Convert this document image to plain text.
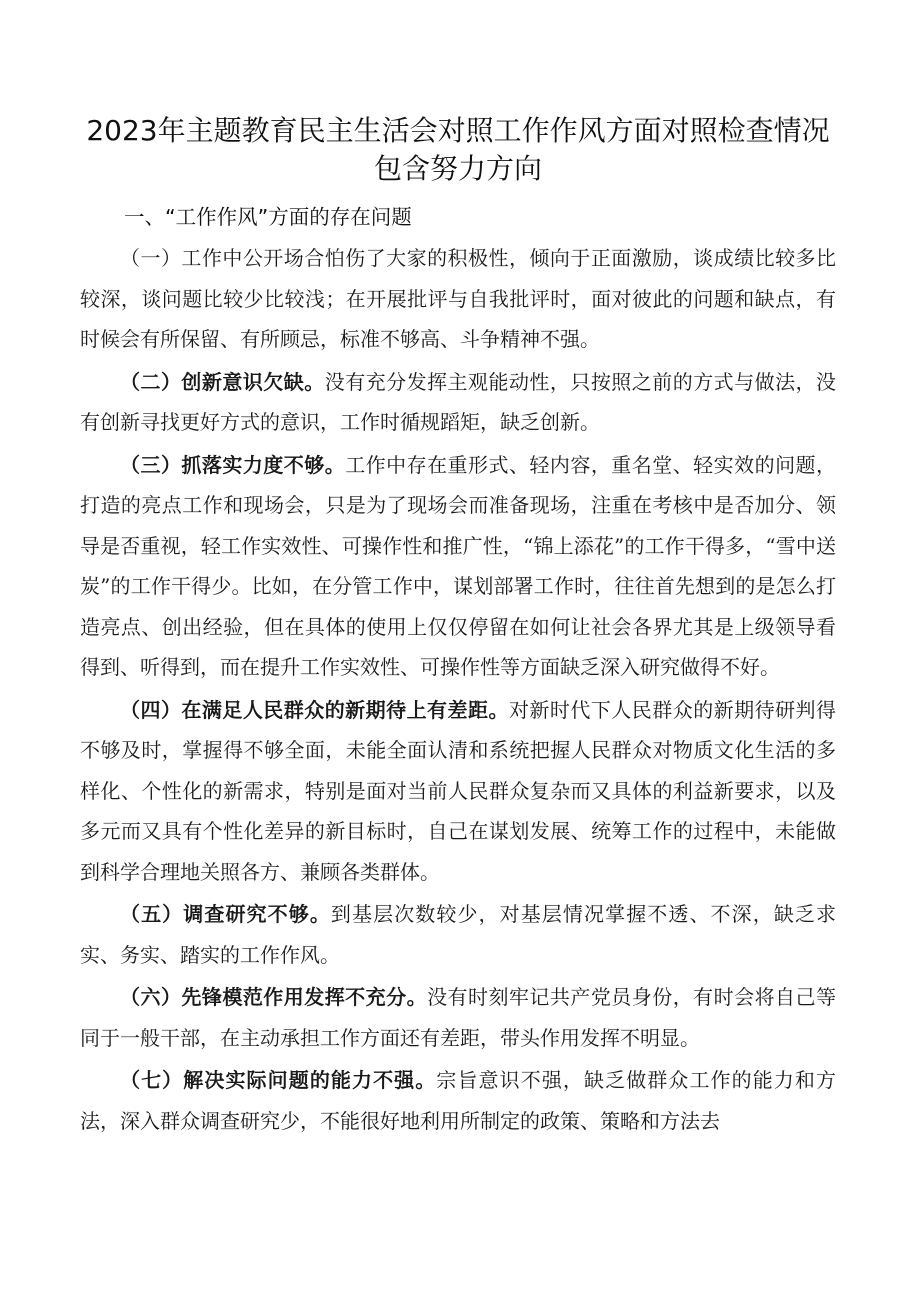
2023年主题教育民主生活会对照工作作风方面对照检查情况包含努力方向
一、“工作作风”方面的存在问题

（一）工作中公开场合怕伤了大家的积极性，倾向于正面激励，谈成绩比较多比较深，谈问题比较少比较浅；在开展批评与自我批评时，面对彼此的问题和缺点，有时候会有所保留、有所顾忌，标准不够高、斗争精神不强。

（二）创新意识欠缺。没有充分发挥主观能动性，只按照之前的方式与做法，没有创新寻找更好方式的意识，工作时循规蹈矩，缺乏创新。

（三）抓落实力度不够。工作中存在重形式、轻内容，重名堂、轻实效的问题，打造的亮点工作和现场会，只是为了现场会而准备现场，注重在考核中是否加分、领导是否重视，轻工作实效性、可操作性和推广性，“锦上添花”的工作干得多，“雪中送炭”的工作干得少。比如，在分管工作中，谋划部署工作时，往往首先想到的是怎么打造亮点、创出经验，但在具体的使用上仅仅停留在如何让社会各界尤其是上级领导看得到、听得到，而在提升工作实效性、可操作性等方面缺乏深入研究做得不好。

（四）在满足人民群众的新期待上有差距。对新时代下人民群众的新期待研判得不够及时，掌握得不够全面，未能全面认清和系统把握人民群众对物质文化生活的多样化、个性化的新需求，特别是面对当前人民群众复杂而又具体的利益新要求，以及多元而又具有个性化差异的新目标时，自己在谋划发展、统筹工作的过程中，未能做到科学合理地关照各方、兼顾各类群体。

（五）调查研究不够。到基层次数较少，对基层情况掌握不透、不深，缺乏求实、务实、踏实的工作作风。

（六）先锋模范作用发挥不充分。没有时刻牢记共产党员身份，有时会将自己等同于一般干部，在主动承担工作方面还有差距，带头作用发挥不明显。

（七）解决实际问题的能力不强。宗旨意识不强，缺乏做群众工作的能力和方法，深入群众调查研究少，不能很好地利用所制定的政策、策略和方法去
